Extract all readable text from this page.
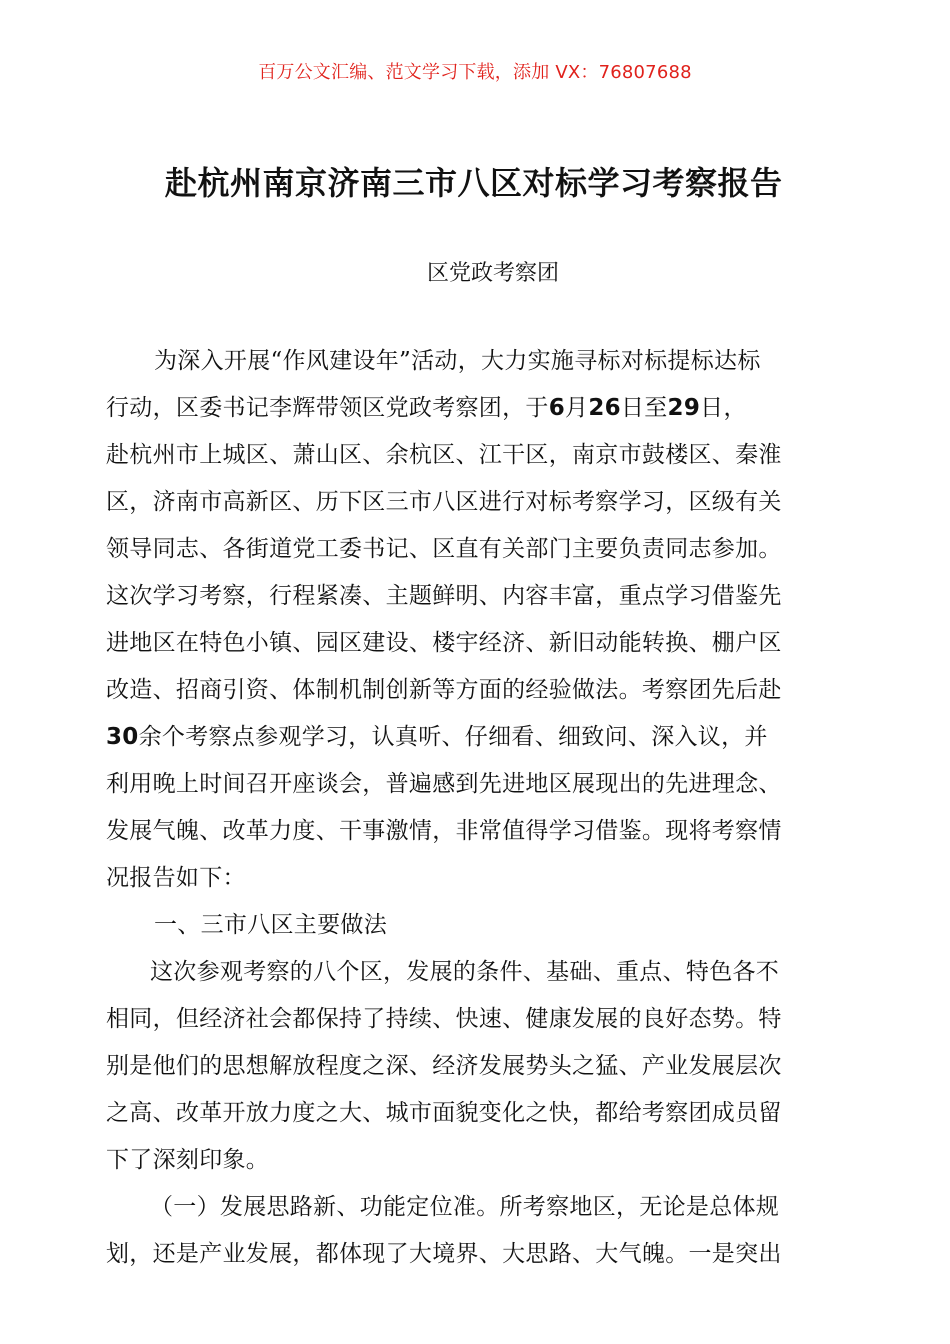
百万公文汇编、范文学习下载，添加 VX：76807688
赴杭州南京济南三市八区对标学习考察报告
区党政考察团
为深入开展“作风建设年”活动，大力实施寻标对标提标达标
行动，区委书记李辉带领区党政考察团，于6月26日至29日，
赴杭州市上城区、萧山区、余杭区、江干区，南京市鼓楼区、秦淮
区，济南市高新区、历下区三市八区进行对标考察学习，区级有关
领导同志、各街道党工委书记、区直有关部门主要负责同志参加。
这次学习考察，行程紧凑、主题鲜明、内容丰富，重点学习借鉴先
进地区在特色小镇、园区建设、楼宇经济、新旧动能转换、棚户区
改造、招商引资、体制机制创新等方面的经验做法。考察团先后赴
30余个考察点参观学习，认真听、仔细看、细致问、深入议，并
利用晚上时间召开座谈会，普遍感到先进地区展现出的先进理念、
发展气魄、改革力度、干事激情，非常值得学习借鉴。现将考察情
况报告如下：
一、三市八区主要做法
这次参观考察的八个区，发展的条件、基础、重点、特色各不
相同，但经济社会都保持了持续、快速、健康发展的良好态势。特
别是他们的思想解放程度之深、经济发展势头之猛、产业发展层次
之高、改革开放力度之大、城市面貌变化之快，都给考察团成员留
下了深刻印象。
（一）发展思路新、功能定位准。所考察地区，无论是总体规
划，还是产业发展，都体现了大境界、大思路、大气魄。一是突出
